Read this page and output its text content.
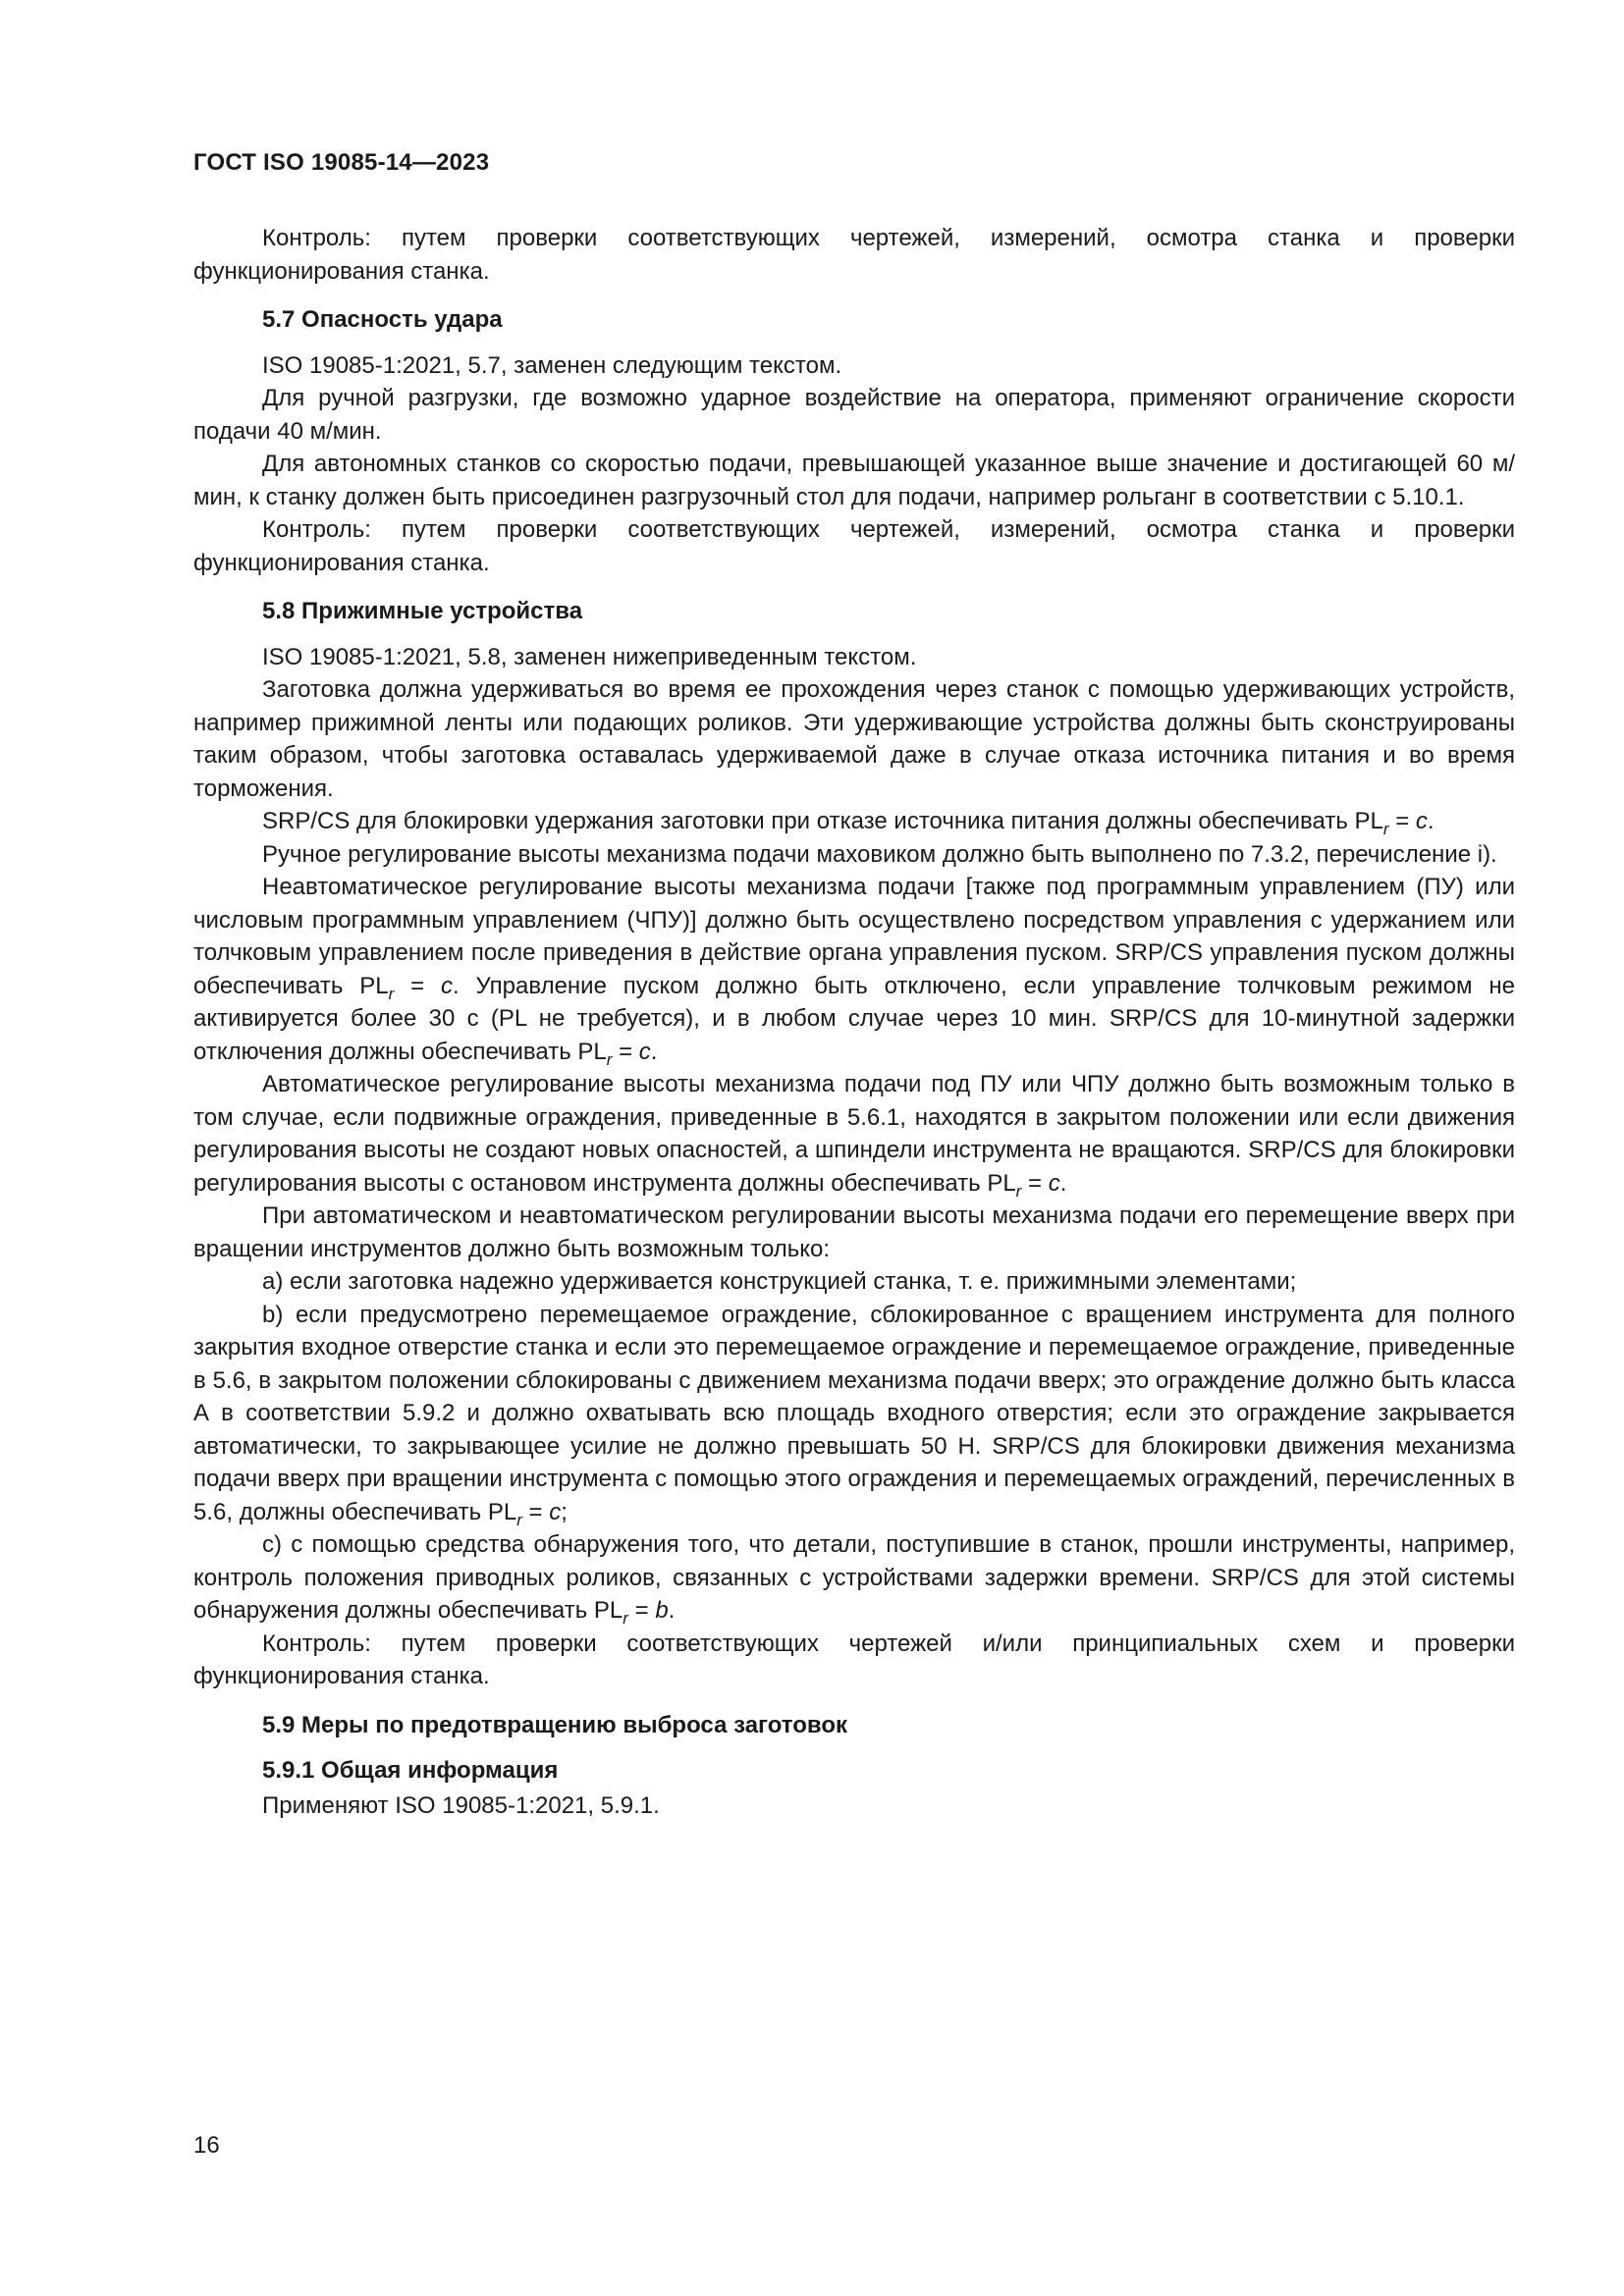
ГОСТ ISO 19085-14—2023

Контроль: путем проверки соответствующих чертежей, измерений, осмотра станка и проверки функционирования станка.

5.7 Опасность удара

ISO 19085-1:2021, 5.7, заменен следующим текстом.

Для ручной разгрузки, где возможно ударное воздействие на оператора, применяют ограничение скорости подачи 40 м/мин.

Для автономных станков со скоростью подачи, превышающей указанное выше значение и достигающей 60 м/мин, к станку должен быть присоединен разгрузочный стол для подачи, например рольганг в соответствии с 5.10.1.

Контроль: путем проверки соответствующих чертежей, измерений, осмотра станка и проверки функционирования станка.

5.8 Прижимные устройства

ISO 19085-1:2021, 5.8, заменен нижеприведенным текстом.

Заготовка должна удерживаться во время ее прохождения через станок с помощью удерживающих устройств, например прижимной ленты или подающих роликов. Эти удерживающие устройства должны быть сконструированы таким образом, чтобы заготовка оставалась удерживаемой даже в случае отказа источника питания и во время торможения.

SRP/CS для блокировки удержания заготовки при отказе источника питания должны обеспечивать $PL_r = c$.

Ручное регулирование высоты механизма подачи маховиком должно быть выполнено по 7.3.2, перечисление i).

Неавтоматическое регулирование высоты механизма подачи [также под программным управлением (ПУ) или числовым программным управлением (ЧПУ)] должно быть осуществлено посредством управления с удержанием или толчковым управлением после приведения в действие органа управления пуском. SRP/CS управления пуском должны обеспечивать $PL_r = c$. Управление пуском должно быть отключено, если управление толчковым режимом не активируется более 30 с (PL не требуется), и в любом случае через 10 мин. SRP/CS для 10-минутной задержки отключения должны обеспечивать $PL_r = c$.

Автоматическое регулирование высоты механизма подачи под ПУ или ЧПУ должно быть возможным только в том случае, если подвижные ограждения, приведенные в 5.6.1, находятся в закрытом положении или если движения регулирования высоты не создают новых опасностей, а шпиндели инструмента не вращаются. SRP/CS для блокировки регулирования высоты с остановом инструмента должны обеспечивать $PL_r = c$.

При автоматическом и неавтоматическом регулировании высоты механизма подачи его перемещение вверх при вращении инструментов должно быть возможным только:

a) если заготовка надежно удерживается конструкцией станка, т. е. прижимными элементами;

b) если предусмотрено перемещаемое ограждение, сблокированное с вращением инструмента для полного закрытия входное отверстие станка и если это перемещаемое ограждение и перемещаемое ограждение, приведенные в 5.6, в закрытом положении сблокированы с движением механизма подачи вверх; это ограждение должно быть класса А в соответствии 5.9.2 и должно охватывать всю площадь входного отверстия; если это ограждение закрывается автоматически, то закрывающее усилие не должно превышать 50 Н. SRP/CS для блокировки движения механизма подачи вверх при вращении инструмента с помощью этого ограждения и перемещаемых ограждений, перечисленных в 5.6, должны обеспечивать $PL_r = c$;

c) с помощью средства обнаружения того, что детали, поступившие в станок, прошли инструменты, например, контроль положения приводных роликов, связанных с устройствами задержки времени. SRP/CS для этой системы обнаружения должны обеспечивать $PL_r = b$.

Контроль: путем проверки соответствующих чертежей и/или принципиальных схем и проверки функционирования станка.

5.9 Меры по предотвращению выброса заготовок

5.9.1 Общая информация

Применяют ISO 19085-1:2021, 5.9.1.

16
